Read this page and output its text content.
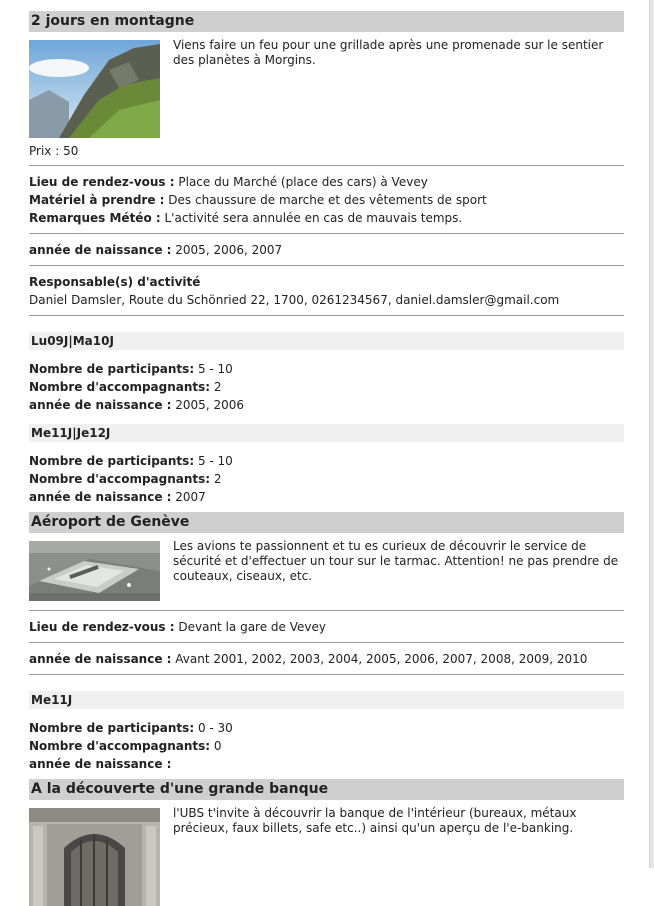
2 jours en montagne
Viens faire un feu pour une grillade après une promenade sur le sentier des planètes à Morgins.
Prix : 50
Lieu de rendez-vous : Place du Marché (place des cars) à Vevey
Matériel à prendre : Des chaussure de marche et des vêtements de sport
Remarques Météo : L'activité sera annulée en cas de mauvais temps.
année de naissance : 2005, 2006, 2007
Responsable(s) d'activité
Daniel Damsler, Route du Schönried 22, 1700, 0261234567, daniel.damsler@gmail.com
Lu09J|Ma10J
Nombre de participants: 5 - 10
Nombre d'accompagnants: 2
année de naissance : 2005, 2006
Me11J|Je12J
Nombre de participants: 5 - 10
Nombre d'accompagnants: 2
année de naissance : 2007
Aéroport de Genève
Les avions te passionnent et tu es curieux de découvrir le service de sécurité et d'effectuer un tour sur le tarmac. Attention! ne pas prendre de couteaux, ciseaux, etc.
Lieu de rendez-vous : Devant la gare de Vevey
année de naissance : Avant 2001, 2002, 2003, 2004, 2005, 2006, 2007, 2008, 2009, 2010
Me11J
Nombre de participants: 0 - 30
Nombre d'accompagnants: 0
année de naissance :
A la découverte d'une grande banque
l'UBS t'invite à découvrir la banque de l'intérieur (bureaux, métaux précieux, faux billets, safe etc..) ainsi qu'un aperçu de l'e-banking.
